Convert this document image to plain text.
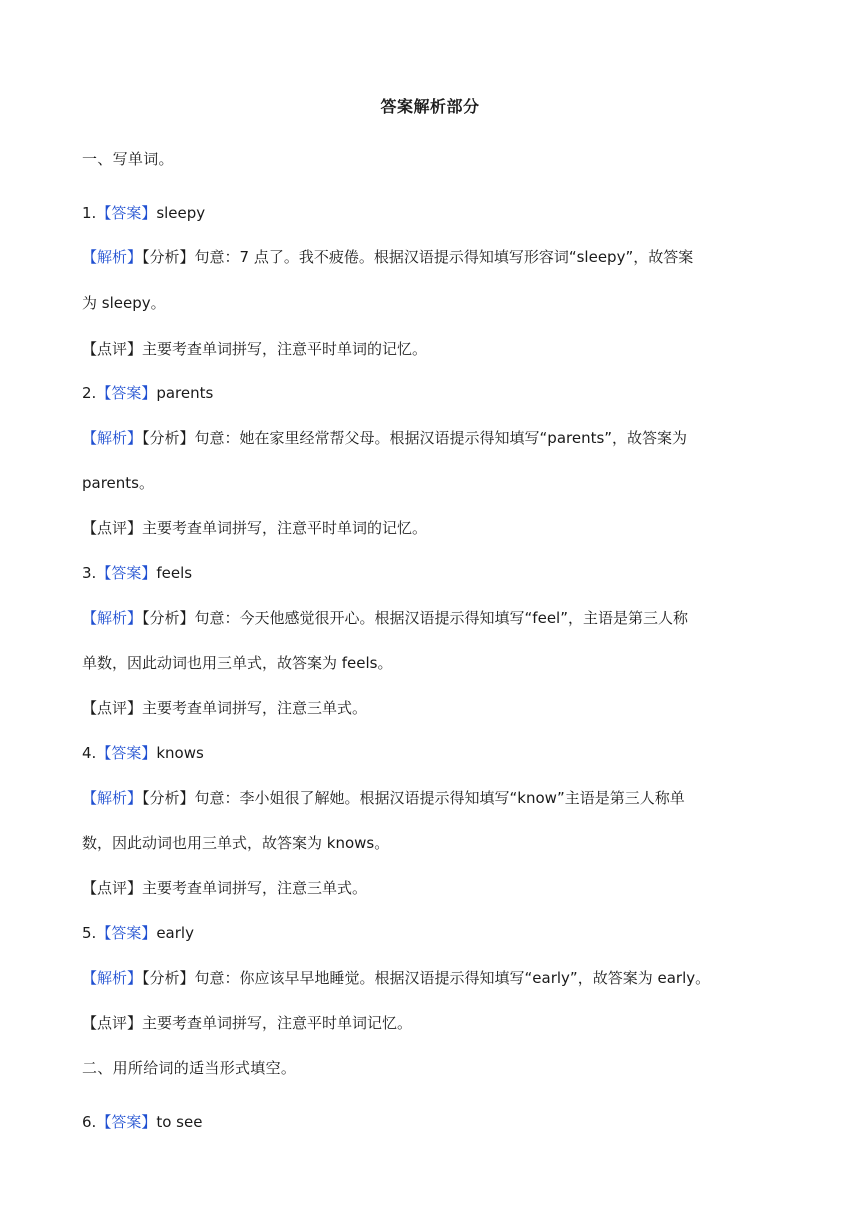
答案解析部分
一、写单词。
1.【答案】sleepy
【解析】【分析】句意：7 点了。我不疲倦。根据汉语提示得知填写形容词“sleepy”，故答案
为 sleepy。
【点评】主要考查单词拼写，注意平时单词的记忆。
2.【答案】parents
【解析】【分析】句意：她在家里经常帮父母。根据汉语提示得知填写“parents”，故答案为
parents。
【点评】主要考查单词拼写，注意平时单词的记忆。
3.【答案】feels
【解析】【分析】句意：今天他感觉很开心。根据汉语提示得知填写“feel”，主语是第三人称
单数，因此动词也用三单式，故答案为 feels。
【点评】主要考查单词拼写，注意三单式。
4.【答案】knows
【解析】【分析】句意：李小姐很了解她。根据汉语提示得知填写“know”主语是第三人称单
数，因此动词也用三单式，故答案为 knows。
【点评】主要考查单词拼写，注意三单式。
5.【答案】early
【解析】【分析】句意：你应该早早地睡觉。根据汉语提示得知填写“early”，故答案为 early。
【点评】主要考查单词拼写，注意平时单词记忆。
二、用所给词的适当形式填空。
6.【答案】to see
